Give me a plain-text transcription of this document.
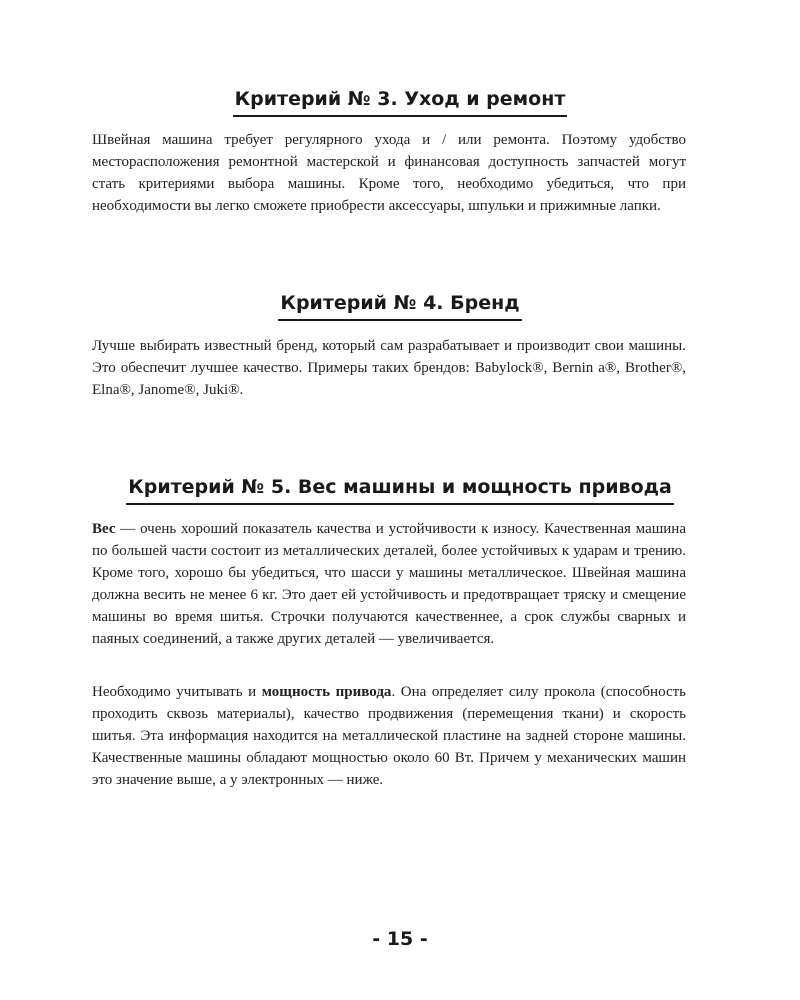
Критерий № 3. Уход и ремонт

Швейная машина требует регулярного ухода и / или ремонта. Поэтому удобство местоpасположения ремонтной мастерской и финансовая доступность запчастей могут стать критериями выбора машины. Кроме того, необходимо убедиться, что при необxодимости вы легко сможете приобрести аксессуары, шпульки и прижимные лапки.

Критерий № 4. Бренд

Лучше выбирать известный бренд, который сам разрабатывает и производит свои машины. Это обеспечит лучшее качество. Примеры таких брендов: Babylock®, Bernin a®, Brother®, Elna®, Janome®, Juki®.

Критерий № 5. Вес машины и мощность привода

Вес — очень хороший показатель качества и устойчивости к износу. Качественная машина по большей части состоит из металлических деталей, более устойчивых к ударам и трению. Кроме того, хорошо бы убедиться, что шасси у машины металлическое. Швейная машина должна весить не менее 6 кг. Это дает ей устойчивость и предотвращает тряску и смещение машины во время шитья. Строчки получаются качественнее, а срок службы сварных и паяных соединений, а также других деталей — увеличивается.

Необходимо учитывать и мощность привода. Она определяет силу прокола (способность проходить сквозь материалы), качество продвижения (перемещения ткани) и скорость шитья. Эта информация находится на металлической пластине на задней стороне машины. Качественные машины обладают мощностью около 60 Вт. Причем у механических машин это значение выше, а у электронных — ниже.

- 15 -
